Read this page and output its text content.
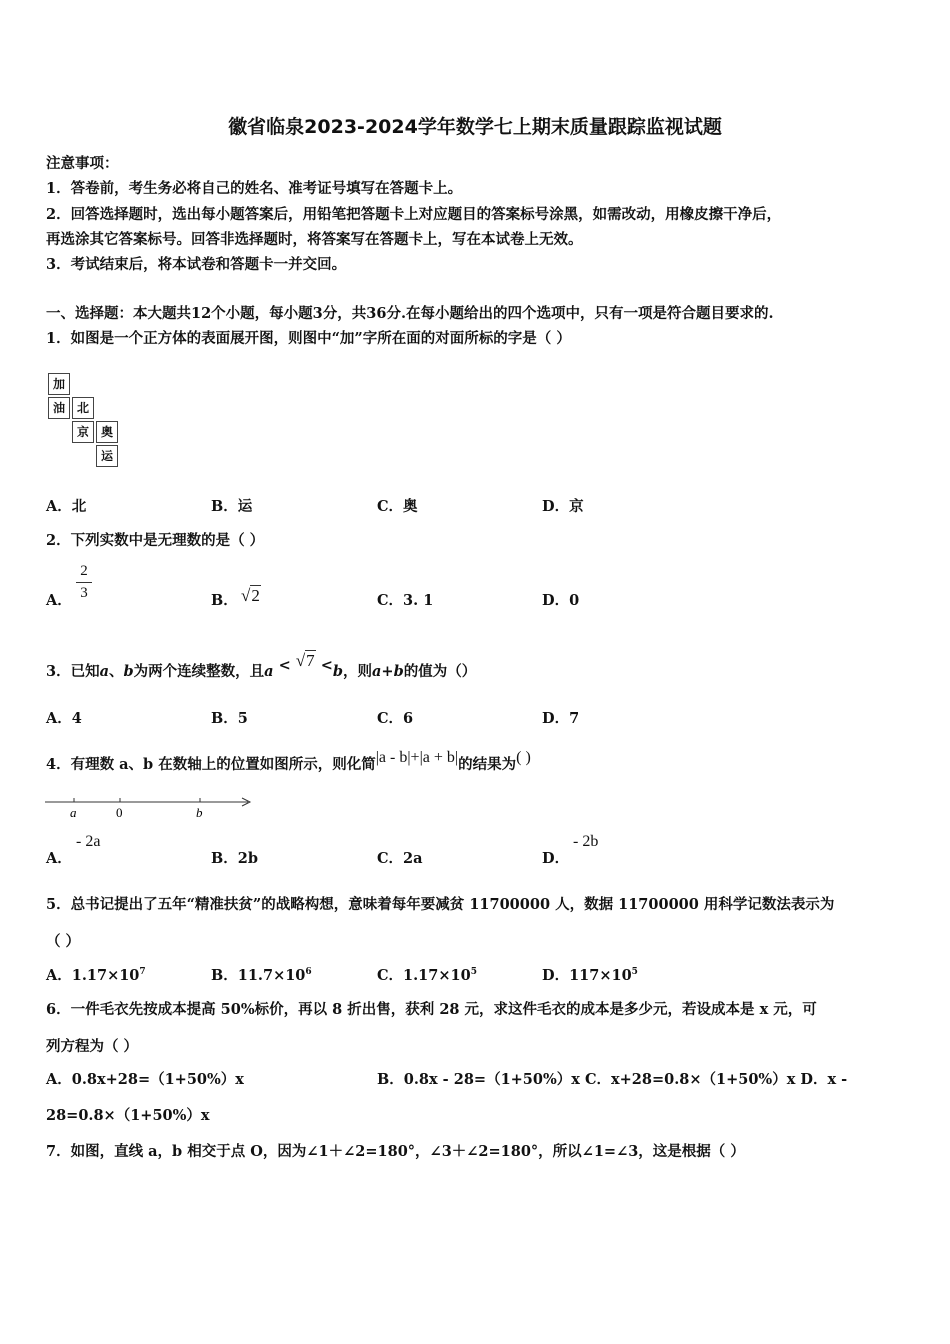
徽省临泉2023-2024学年数学七上期末质量跟踪监视试题
注意事项：
1．答卷前，考生务必将自己的姓名、准考证号填写在答题卡上。
2．回答选择题时，选出每小题答案后，用铅笔把答题卡上对应题目的答案标号涂黑，如需改动，用橡皮擦干净后，
再选涂其它答案标号。回答非选择题时，将答案写在答题卡上，写在本试卷上无效。
3．考试结束后，将本试卷和答题卡一并交回。
一、选择题：本大题共12个小题，每小题3分，共36分.在每小题给出的四个选项中，只有一项是符合题目要求的.
1．如图是一个正方体的表面展开图，则图中“加”字所在面的对面所标的字是（ ）
加
油 北
京 奥
运
A．北	B．运	C．奥	D．京
2．下列实数中是无理数的是（ ）
A．
2
3	B． √2	C．3. 1	D．0
3．已知a、b为两个连续整数，且a < √7 <b，则a+b的值为（）
A．4	B．5	C．6	D．7
4．有理数 a、b 在数轴上的位置如图所示，则化简|a - b|+|a + b|的结果为( )
a	0	b
A．
- 2a
B．2b	C．2a	D．
- 2b
5．总书记提出了五年“精准扶贫”的战略构想，意味着每年要减贫 11700000 人，数据 11700000 用科学记数法表示为
（ ）
A．$1.17\times 10^7$	B．$11.7\times 10^6$	C．$1.17\times 10^5$	D．$117\times 10^5$
6．一件毛衣先按成本提高 50%标价，再以 8 折出售，获利 28 元，求这件毛衣的成本是多少元，若设成本是 x 元，可
列方程为（ ）
A．0.8x+28=（1+50%）x	B．0.8x - 28=（1+50%）x C．x+28=0.8×（1+50%）x D．x -
28=0.8×（1+50%）x
7．如图，直线 a，b 相交于点 O，因为∠1＋∠2=180°，∠3＋∠2=180°，所以∠1=∠3，这是根据（ ）
